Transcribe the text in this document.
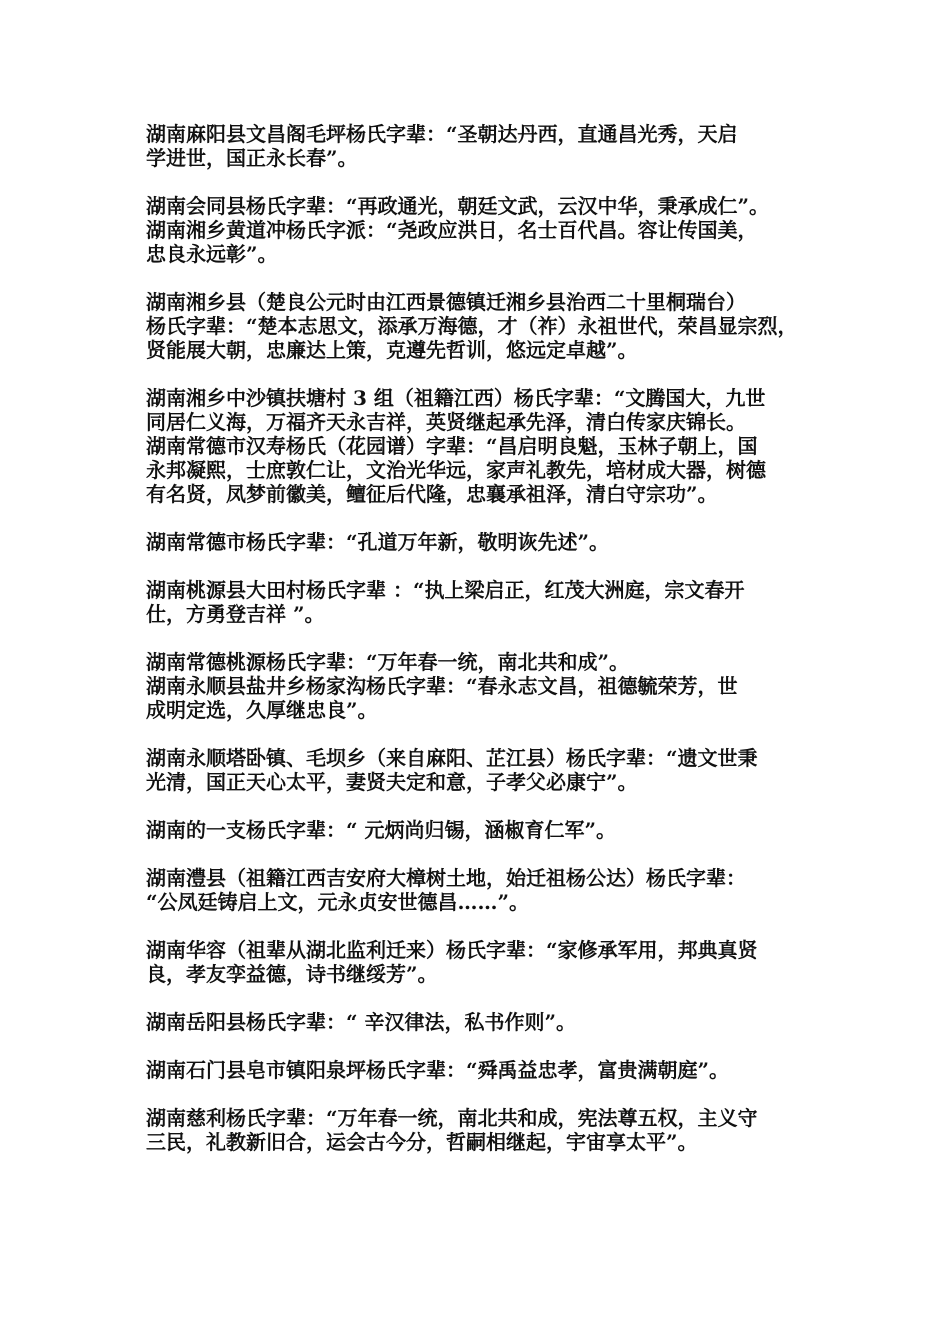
湖南麻阳县文昌阁毛坪杨氏字辈：“圣朝达丹西，直通昌光秀，天启
学进世，国正永长春”。

湖南会同县杨氏字辈：“再政通光，朝廷文武，云汉中华，秉承成仁”。
湖南湘乡黄道冲杨氏字派：“尧政应洪日，名士百代昌。容让传国美，
忠良永远彰”。

湖南湘乡县（楚良公元时由江西景德镇迁湘乡县治西二十里桐瑞台）
杨氏字辈：“楚本志思文，添承万海德，才（祚）永祖世代，荣昌显宗烈，
贤能展大朝，忠廉达上策，克遵先哲训，悠远定卓越”。

湖南湘乡中沙镇扶塘村 3 组（祖籍江西）杨氏字辈：“文腾国大，九世
同居仁义海，万福齐天永吉祥，英贤继起承先泽，清白传家庆锦长。
湖南常德市汉寿杨氏（花园谱）字辈：“昌启明良魁，玉林子朝上，国
永邦凝熙，士庶敦仁让，文治光华远，家声礼教先，培材成大器，树德
有名贤，凤梦前徽美，鳣征后代隆，忠襄承祖泽，清白守宗功”。

湖南常德市杨氏字辈：“孔道万年新，敬明诙先述”。

湖南桃源县大田村杨氏字辈 ：“执上梁启正，红茂大洲庭，宗文春开
仕，方勇登吉祥 ”。

湖南常德桃源杨氏字辈：“万年春一统，南北共和成”。
湖南永顺县盐井乡杨家沟杨氏字辈：“春永志文昌，祖德毓荣芳，世
成明定选，久厚继忠良”。

湖南永顺塔卧镇、毛坝乡（来自麻阳、芷江县）杨氏字辈：“遗文世秉
光清，国正天心太平，妻贤夫定和意，子孝父必康宁”。

湖南的一支杨氏字辈：“ 元炳尚归锡，涵椒育仁军”。

湖南澧县（祖籍江西吉安府大樟树土地，始迁祖杨公达）杨氏字辈：
“公凤廷铸启上文，元永贞安世德昌……”。

湖南华容（祖辈从湖北监利迁来）杨氏字辈：“家修承军用，邦典真贤
良，孝友孪益德，诗书继绥芳”。

湖南岳阳县杨氏字辈：“ 辛汉律法，私书作则”。

湖南石门县皂市镇阳泉坪杨氏字辈：“舜禹益忠孝，富贵满朝庭”。

湖南慈利杨氏字辈：“万年春一统，南北共和成，宪法尊五权，主义守
三民，礼教新旧合，运会古今分，哲嗣相继起，宇宙享太平”。
